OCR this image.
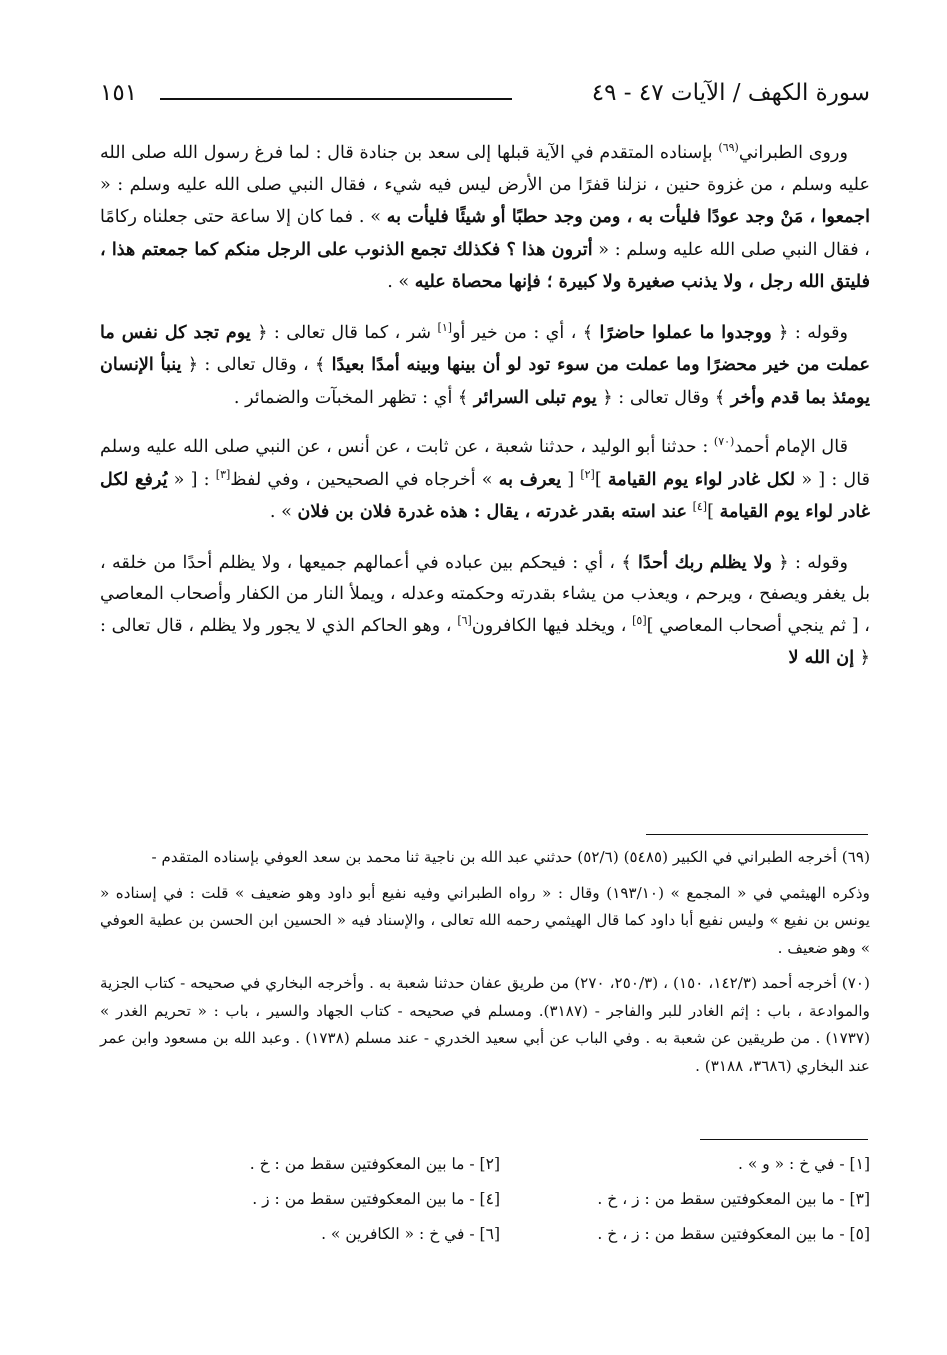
سورة الكهف / الآيات ٤٧ - ٤٩
١٥١

وروى الطبراني$^{(٦٩)}$ بإسناده المتقدم في الآية قبلها إلى سعد بن جنادة قال : لما فرغ رسول الله صلى الله عليه وسلم ، من غزوة حنين ، نزلنا قفرًا من الأرض ليس فيه شيء ، فقال النبي صلى الله عليه وسلم : « اجمعوا ، مَنْ وجد عودًا فليأت به ، ومن وجد حطبًا أو شيئًا فليأت به » . فما كان إلا ساعة حتى جعلناه ركامًا ، فقال النبي صلى الله عليه وسلم : « أترون هذا ؟ فكذلك تجمع الذنوب على الرجل منكم كما جمعتم هذا ، فليتق الله رجل ، ولا يذنب صغيرة ولا كبيرة ؛ فإنها محصاة عليه » .

وقوله : ﴿ ووجدوا ما عملوا حاضرًا ﴾ ، أي : من خير أو[١] شر ، كما قال تعالى : ﴿ يوم تجد كل نفس ما عملت من خير محضرًا وما عملت من سوء تود لو أن بينها وبينه أمدًا بعيدًا ﴾ ، وقال تعالى : ﴿ ينبأ الإنسان يومئذ بما قدم وأخر ﴾ وقال تعالى : ﴿ يوم تبلى السرائر ﴾ أي : تظهر المخبآت والضمائر .

قال الإمام أحمد$^{(٧٠)}$ : حدثنا أبو الوليد ، حدثنا شعبة ، عن ثابت ، عن أنس ، عن النبي صلى الله عليه وسلم قال : [ « لكل غادر لواء يوم القيامة ][٢] [ يعرف به » أخرجاه في الصحيحين ، وفي لفظ[٣] : [ « يُرفع لكل غادر لواء يوم القيامة ][٤] عند استه بقدر غدرته ، يقال : هذه غدرة فلان بن فلان » .

وقوله : ﴿ ولا يظلم ربك أحدًا ﴾ ، أي : فيحكم بين عباده في أعمالهم جميعها ، ولا يظلم أحدًا من خلقه ، بل يغفر ويصفح ، ويرحم ، ويعذب من يشاء بقدرته وحكمته وعدله ، ويملأ النار من الكفار وأصحاب المعاصي ، [ ثم ينجي أصحاب المعاصي ][٥] ، ويخلد فيها الكافرون[٦] ، وهو الحاكم الذي لا يجور ولا يظلم ، قال تعالى : ﴿ إن الله لا

(٦٩) أخرجه الطبراني في الكبير (٥٤٨٥) (٥٢/٦) حدثني عبد الله بن ناجية ثنا محمد بن سعد العوفي بإسناده المتقدم -

وذكره الهيثمي في « المجمع » (١٩٣/١٠) وقال : « رواه الطبراني وفيه نفيع أبو داود وهو ضعيف » قلت : في إسناده « يونس بن نفيع » وليس نفيع أبا داود كما قال الهيثمي رحمه الله تعالى ، والإسناد فيه « الحسين ابن الحسن بن عطية العوفي » وهو ضعيف .

(٧٠) أخرجه أحمد (١٤٢/٣، ١٥٠) ، (٢٥٠/٣، ٢٧٠) من طريق عفان حدثنا شعبة به . وأخرجه البخاري في صحيحه - كتاب الجزية والموادعة ، باب : إثم الغادر للبر والفاجر - (٣١٨٧). ومسلم في صحيحه - كتاب الجهاد والسير ، باب : « تحريم الغدر » (١٧٣٧) . من طريقين عن شعبة به . وفي الباب عن أبي سعيد الخدري - عند مسلم (١٧٣٨) . وعبد الله بن مسعود وابن عمر عند البخاري (٣٦٨٦، ٣١٨٨) .

[١] - في خ : « و » .
[٢] - ما بين المعكوفتين سقط من : خ .
[٣] - ما بين المعكوفتين سقط من : ز ، خ .
[٤] - ما بين المعكوفتين سقط من : ز .
[٥] - ما بين المعكوفتين سقط من : ز ، خ .
[٦] - في خ : « الكافرين » .
